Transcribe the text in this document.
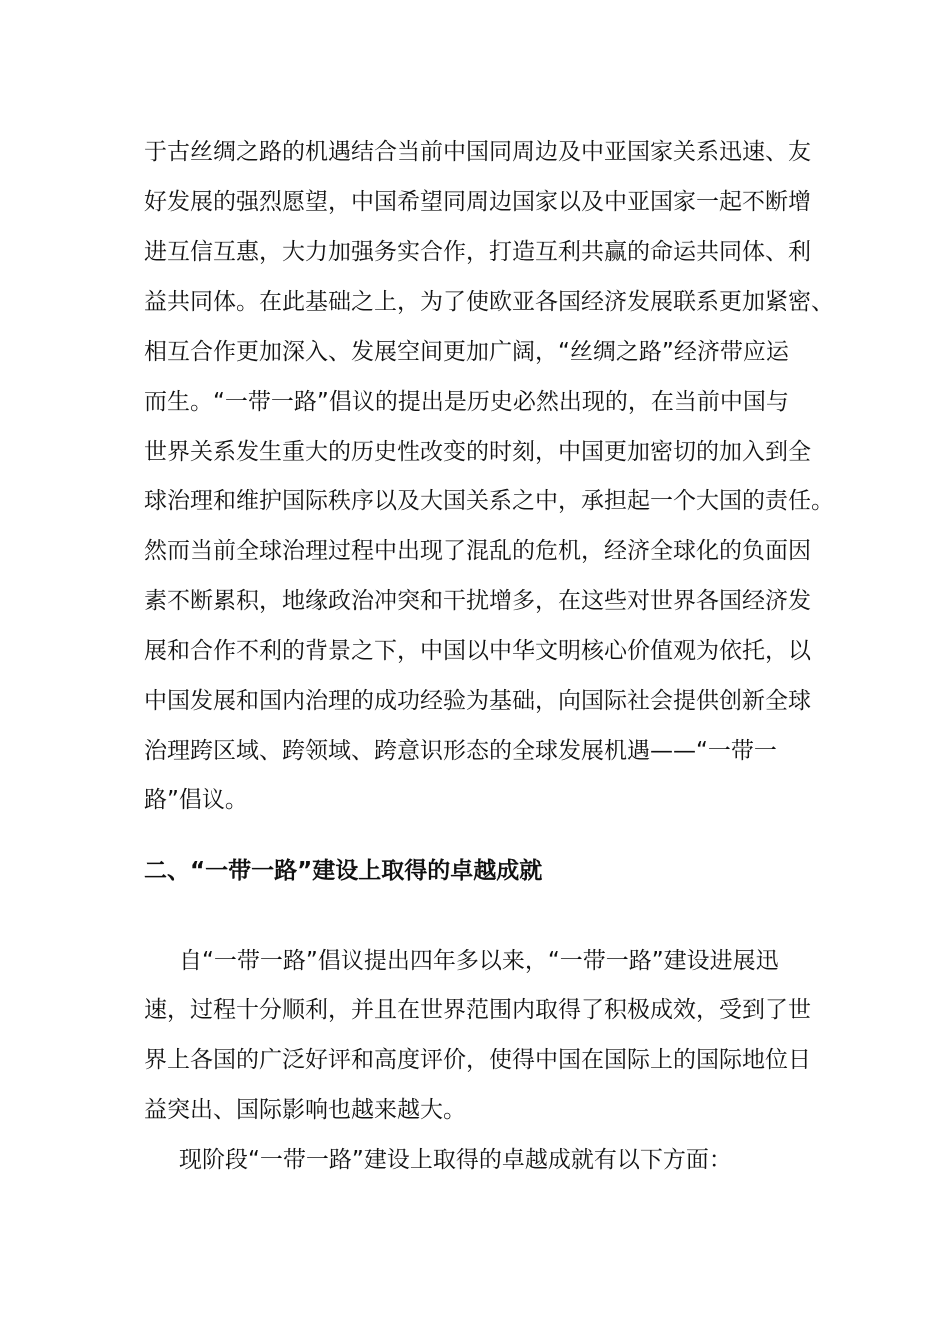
于古丝绸之路的机遇结合当前中国同周边及中亚国家关系迅速、友
好发展的强烈愿望，中国希望同周边国家以及中亚国家一起不断增
进互信互惠，大力加强务实合作，打造互利共赢的命运共同体、利
益共同体。在此基础之上，为了使欧亚各国经济发展联系更加紧密、
相互合作更加深入、发展空间更加广阔，“丝绸之路”经济带应运
而生。“一带一路”倡议的提出是历史必然出现的，在当前中国与
世界关系发生重大的历史性改变的时刻，中国更加密切的加入到全
球治理和维护国际秩序以及大国关系之中，承担起一个大国的责任。
然而当前全球治理过程中出现了混乱的危机，经济全球化的负面因
素不断累积，地缘政治冲突和干扰增多，在这些对世界各国经济发
展和合作不利的背景之下，中国以中华文明核心价值观为依托，以
中国发展和国内治理的成功经验为基础，向国际社会提供创新全球
治理跨区域、跨领域、跨意识形态的全球发展机遇——“一带一
路”倡议。
二、“一带一路”建设上取得的卓越成就
自“一带一路”倡议提出四年多以来，“一带一路”建设进展迅
速，过程十分顺利，并且在世界范围内取得了积极成效，受到了世
界上各国的广泛好评和高度评价，使得中国在国际上的国际地位日
益突出、国际影响也越来越大。
现阶段“一带一路”建设上取得的卓越成就有以下方面：
